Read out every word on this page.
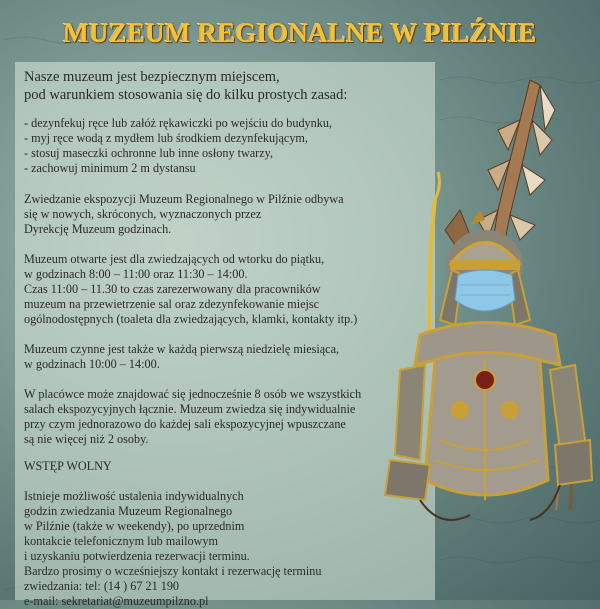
MUZEUM REGIONALNE W PILŹNIE

Nasze muzeum jest bezpiecznym miejscem,

pod warunkiem stosowania się do kilku prostych zasad:

- dezynfekuj ręce lub załóż rękawiczki po wejściu do budynku,

- myj ręce wodą z mydłem lub środkiem dezynfekującym,

- stosuj maseczki ochronne lub inne osłony twarzy,

- zachowuj minimum 2 m dystansu

Zwiedzanie ekspozycji Muzeum Regionalnego w Pilźnie odbywa

się w nowych, skróconych, wyznaczonych przez

Dyrekcję Muzeum godzinach.

Muzeum otwarte jest dla zwiedzających od wtorku do piątku,

w godzinach 8:00 – 11:00 oraz 11:30 – 14:00.

Czas 11:00 – 11.30 to czas zarezerwowany dla pracowników

muzeum na przewietrzenie sal oraz zdezynfekowanie miejsc

ogólnodostępnych (toaleta dla zwiedzających, klamki, kontakty itp.)

Muzeum czynne jest także w każdą pierwszą niedzielę miesiąca,

w godzinach 10:00 – 14:00.

W placówce może znajdować się jednocześnie 8 osób we wszystkich

salach ekspozycyjnych łącznie. Muzeum zwiedza się indywidualnie

przy czym jednorazowo do każdej sali ekspozycyjnej wpuszczane

są nie więcej niż 2 osoby.

WSTĘP WOLNY

Istnieje możliwość ustalenia indywidualnych

godzin zwiedzania Muzeum Regionalnego

w Pilźnie (także w weekendy), po uprzednim

kontakcie telefonicznym lub mailowym

i uzyskaniu potwierdzenia rezerwacji terminu.

Bardzo prosimy o wcześniejszy kontakt i rezerwację terminu

zwiedzania: tel: (14 ) 67 21 190

e-mail: sekretariat@muzeumpilzno.pl
